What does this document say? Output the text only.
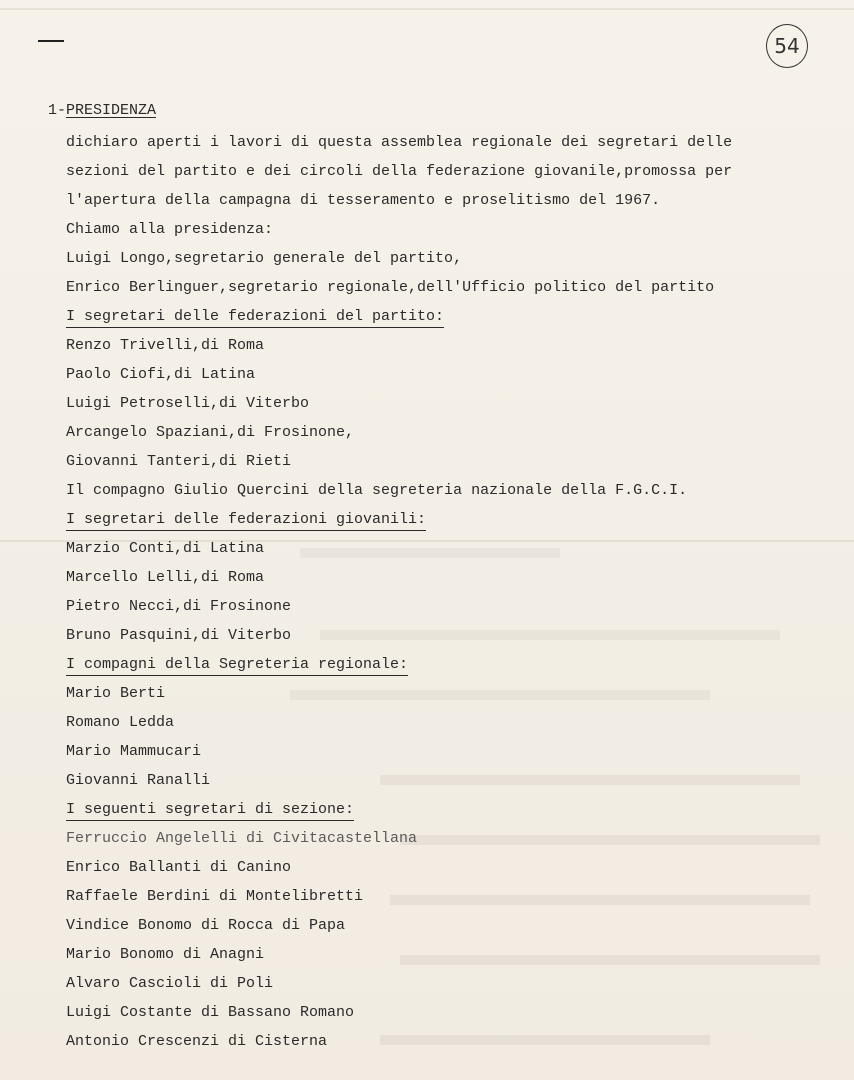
54
1-PRESIDENZA
dichiaro aperti i lavori di questa assemblea regionale dei segretari delle
sezioni del partito e dei circoli della federazione giovanile,promossa per
l'apertura della campagna di tesseramento e proselitismo del 1967.
Chiamo alla presidenza:
Luigi Longo,segretario generale del partito,
Enrico Berlinguer,segretario regionale,dell'Ufficio politico del partito
I segretari delle federazioni del partito:
Renzo Trivelli,di Roma
Paolo Ciofi,di Latina
Luigi Petroselli,di Viterbo
Arcangelo Spaziani,di Frosinone,
Giovanni Tanteri,di Rieti
Il compagno Giulio Quercini della segreteria nazionale della F.G.C.I.
I segretari delle federazioni giovanili:
Marzio Conti,di Latina
Marcello Lelli,di Roma
Pietro Necci,di Frosinone
Bruno Pasquini,di Viterbo
I compagni della Segreteria regionale:
Mario Berti
Romano Ledda
Mario Mammucari
Giovanni Ranalli
I seguenti segretari di sezione:
Ferruccio Angelelli di Civitacastellana
Enrico Ballanti di Canino
Raffaele Berdini di Montelibretti
Vindice Bonomo di Rocca di Papa
Mario Bonomo di Anagni
Alvaro Cascioli di Poli
Luigi Costante di Bassano Romano
Antonio Crescenzi di Cisterna
